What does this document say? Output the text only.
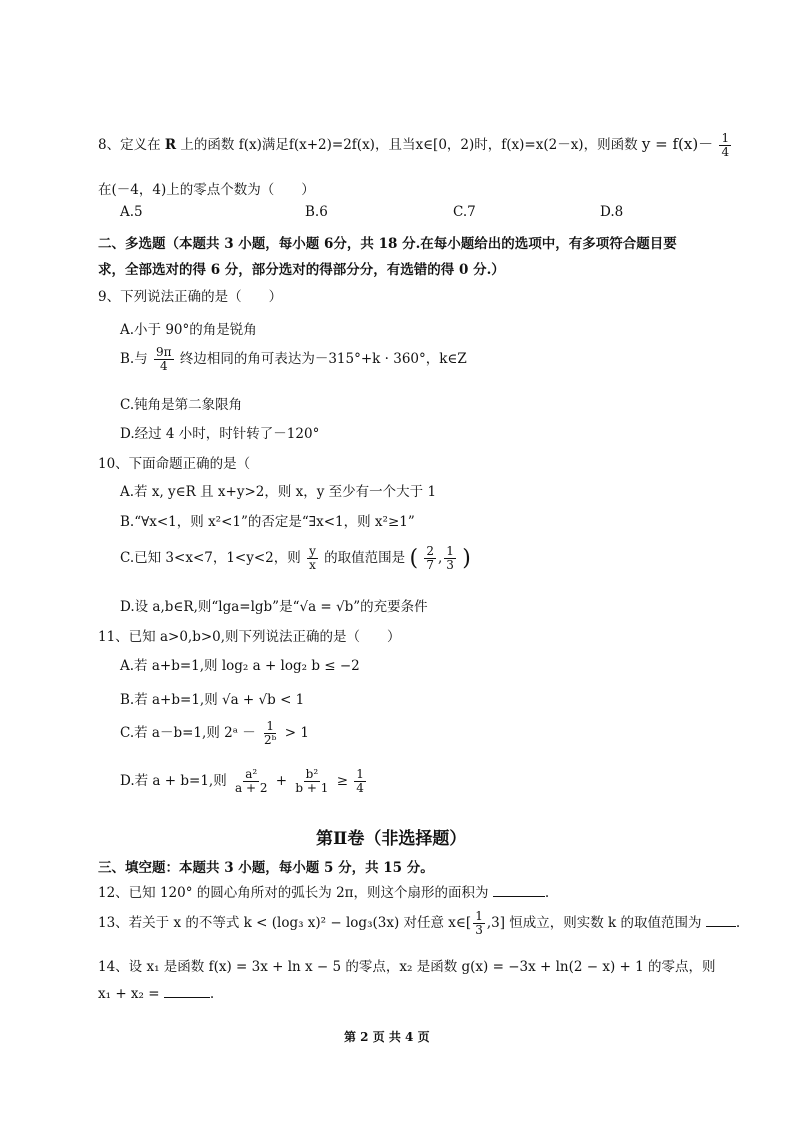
8、定义在 R 上的函数 f(x)满足f(x+2)=2f(x)，且当x∈[0，2)时，f(x)=x(2－x)，则函数 $y = f(x)- \frac{1}{4}$
在(－4，4)上的零点个数为（　　）
A.5	B.6	C.7	D.8
二、多选题（本题共 3 小题，每小题 6分，共 18 分.在每小题给出的选项中，有多项符合题目要
求，全部选对的得 6 分，部分选对的得部分分，有选错的得 0 分.）
9、下列说法正确的是（　　）
A.小于 90°的角是锐角
B.与 $\frac{9\pi}{4}$ 终边相同的角可表达为－315°+k · 360°，k∈Z
C.钝角是第二象限角
D.经过 4 小时，时针转了－120°
10、下面命题正确的是（
A.若 x, y∈R 且 x+y>2，则 x，y 至少有一个大于 1
B.“∀x<1，则 x²<1”的否定是“∃x<1，则 x²≥1”
C.已知 3<x<7，1<y<2，则 $\frac{y}{x}$ 的取值范围是 ( $\frac{2}{7}$ , $\frac{1}{3}$ )
D.设 a,b∈R,则“lga=lgb”是“√a = √b”的充要条件
11、已知 a>0,b>0,则下列说法正确的是（　　）
A.若 a+b=1,则 log₂ a + log₂ b ≤ −2
B.若 a+b=1,则 √a + √b < 1
C.若 a－b=1,则 2ᵃ － $\frac{1}{\text{2ᵇ}} > 1$
D.若 a + b=1,则 $\frac{\text{a²}}{a + 2} + \frac{\text{b²}}{b + 1} \ge \frac{1}{4}$
第Ⅱ卷（非选择题）
三、填空题：本题共 3 小题，每小题 5 分，共 15 分。
12、已知 120° 的圆心角所对的弧长为 2π，则这个扇形的面积为	.
13、若关于 x 的不等式 k < (log₃ x)² − log₃(3x) 对任意 x∈[ $\frac{1}{3} ,3$] 恒成立，则实数 k 的取值范围为	.
14、设 x₁ 是函数 f(x) = 3x + ln x − 5 的零点，x₂ 是函数 g(x) = −3x + ln(2 − x) + 1 的零点，则
x₁ + x₂ =	.
第 2 页 共 4 页
